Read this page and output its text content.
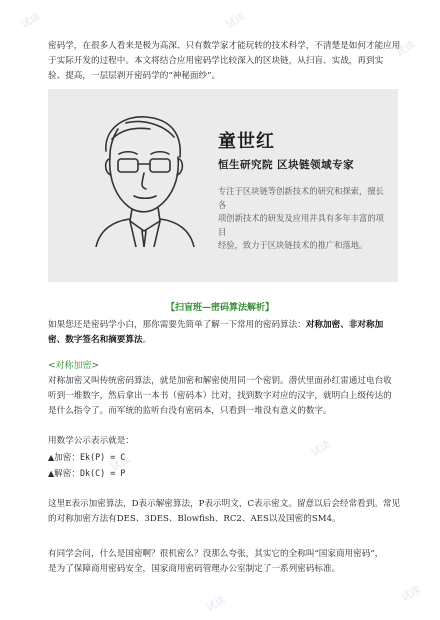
试读	试读
试读
试读
试读
试读
试读
密码学，在很多人看来是极为高深、只有数学家才能玩转的技术科学，不清楚是如何才能应用
于实际开发的过程中。本文将结合应用密码学比较深入的区块链，从扫盲、实战，再到实
验、提高，一层层剥开密码学的“神秘面纱”。
童世红
恒生研究院 区块链领域专家
专注于区块链等创新技术的研究和探索，擅长各
项创新技术的研发及应用并具有多年丰富的项目
经验，致力于区块链技术的推广和落地。
【扫盲班—密码算法解析】
如果您还是密码学小白，那你需要先简单了解一下常用的密码算法：对称加密、非对称加
密、数字签名和摘要算法。
<对称加密>
对称加密又叫传统密码算法，就是加密和解密使用同一个密钥。潜伏里面孙红雷通过电台收
听到一堆数字，然后拿出一本书（密码本）比对，找到数字对应的汉字，就明白上级传达的
是什么指令了。而军统的监听台没有密码本，只看到一堆没有意义的数字。
用数学公示表示就是：
▲加密：Ek(P) = C
▲解密：Dk(C) = P
这里E表示加密算法，D表示解密算法，P表示明文，C表示密文。留意以后会经常看到。常见
的对称加密方法有DES、3DES、Blowfish、RC2、AES以及国密的SM4。
有同学会问，什么是国密啊？很机密么？没那么夸张，其实它的全称叫“国家商用密码”，
是为了保障商用密码安全，国家商用密码管理办公室制定了一系列密码标准。
